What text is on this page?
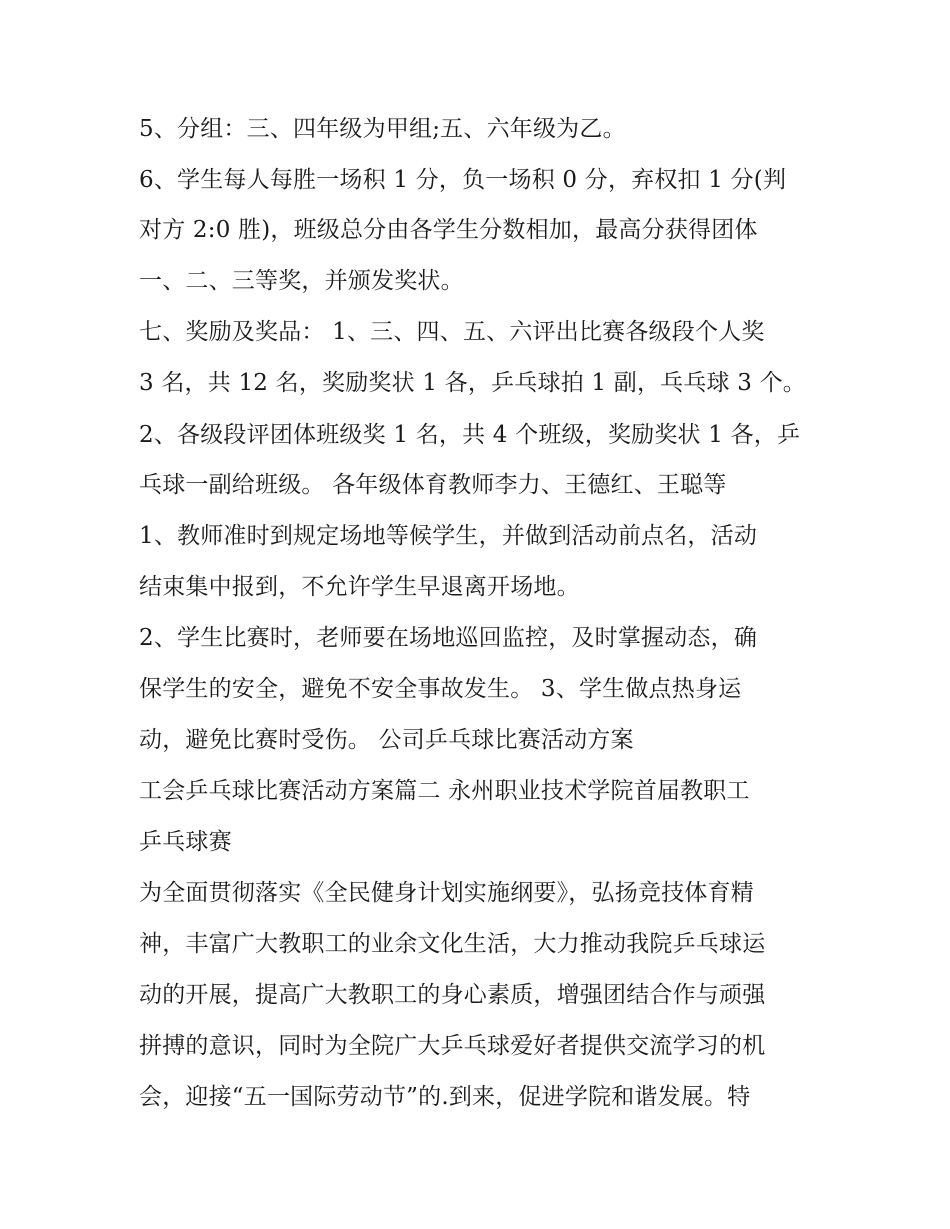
5、分组：三、四年级为甲组;五、六年级为乙。
6、学生每人每胜一场积 1 分，负一场积 0 分，弃权扣 1 分(判
对方 2:0 胜)，班级总分由各学生分数相加，最高分获得团体
一、二、三等奖，并颁发奖状。
七、奖励及奖品： 1、三、四、五、六评出比赛各级段个人奖
3 名，共 12 名，奖励奖状 1 各，乒乓球拍 1 副，乓乓球 3 个。
2、各级段评团体班级奖 1 名，共 4 个班级，奖励奖状 1 各，乒
乓球一副给班级。 各年级体育教师李力、王德红、王聪等
1、教师准时到规定场地等候学生，并做到活动前点名，活动
结束集中报到，不允许学生早退离开场地。
2、学生比赛时，老师要在场地巡回监控，及时掌握动态，确
保学生的安全，避免不安全事故发生。 3、学生做点热身运
动，避免比赛时受伤。 公司乒乓球比赛活动方案
工会乒乓球比赛活动方案篇二 永州职业技术学院首届教职工
乒乓球赛
为全面贯彻落实《全民健身计划实施纲要》，弘扬竞技体育精
神，丰富广大教职工的业余文化生活，大力推动我院乒乓球运
动的开展，提高广大教职工的身心素质，增强团结合作与顽强
拼搏的意识，同时为全院广大乒乓球爱好者提供交流学习的机
会，迎接“五一国际劳动节”的.到来，促进学院和谐发展。特
